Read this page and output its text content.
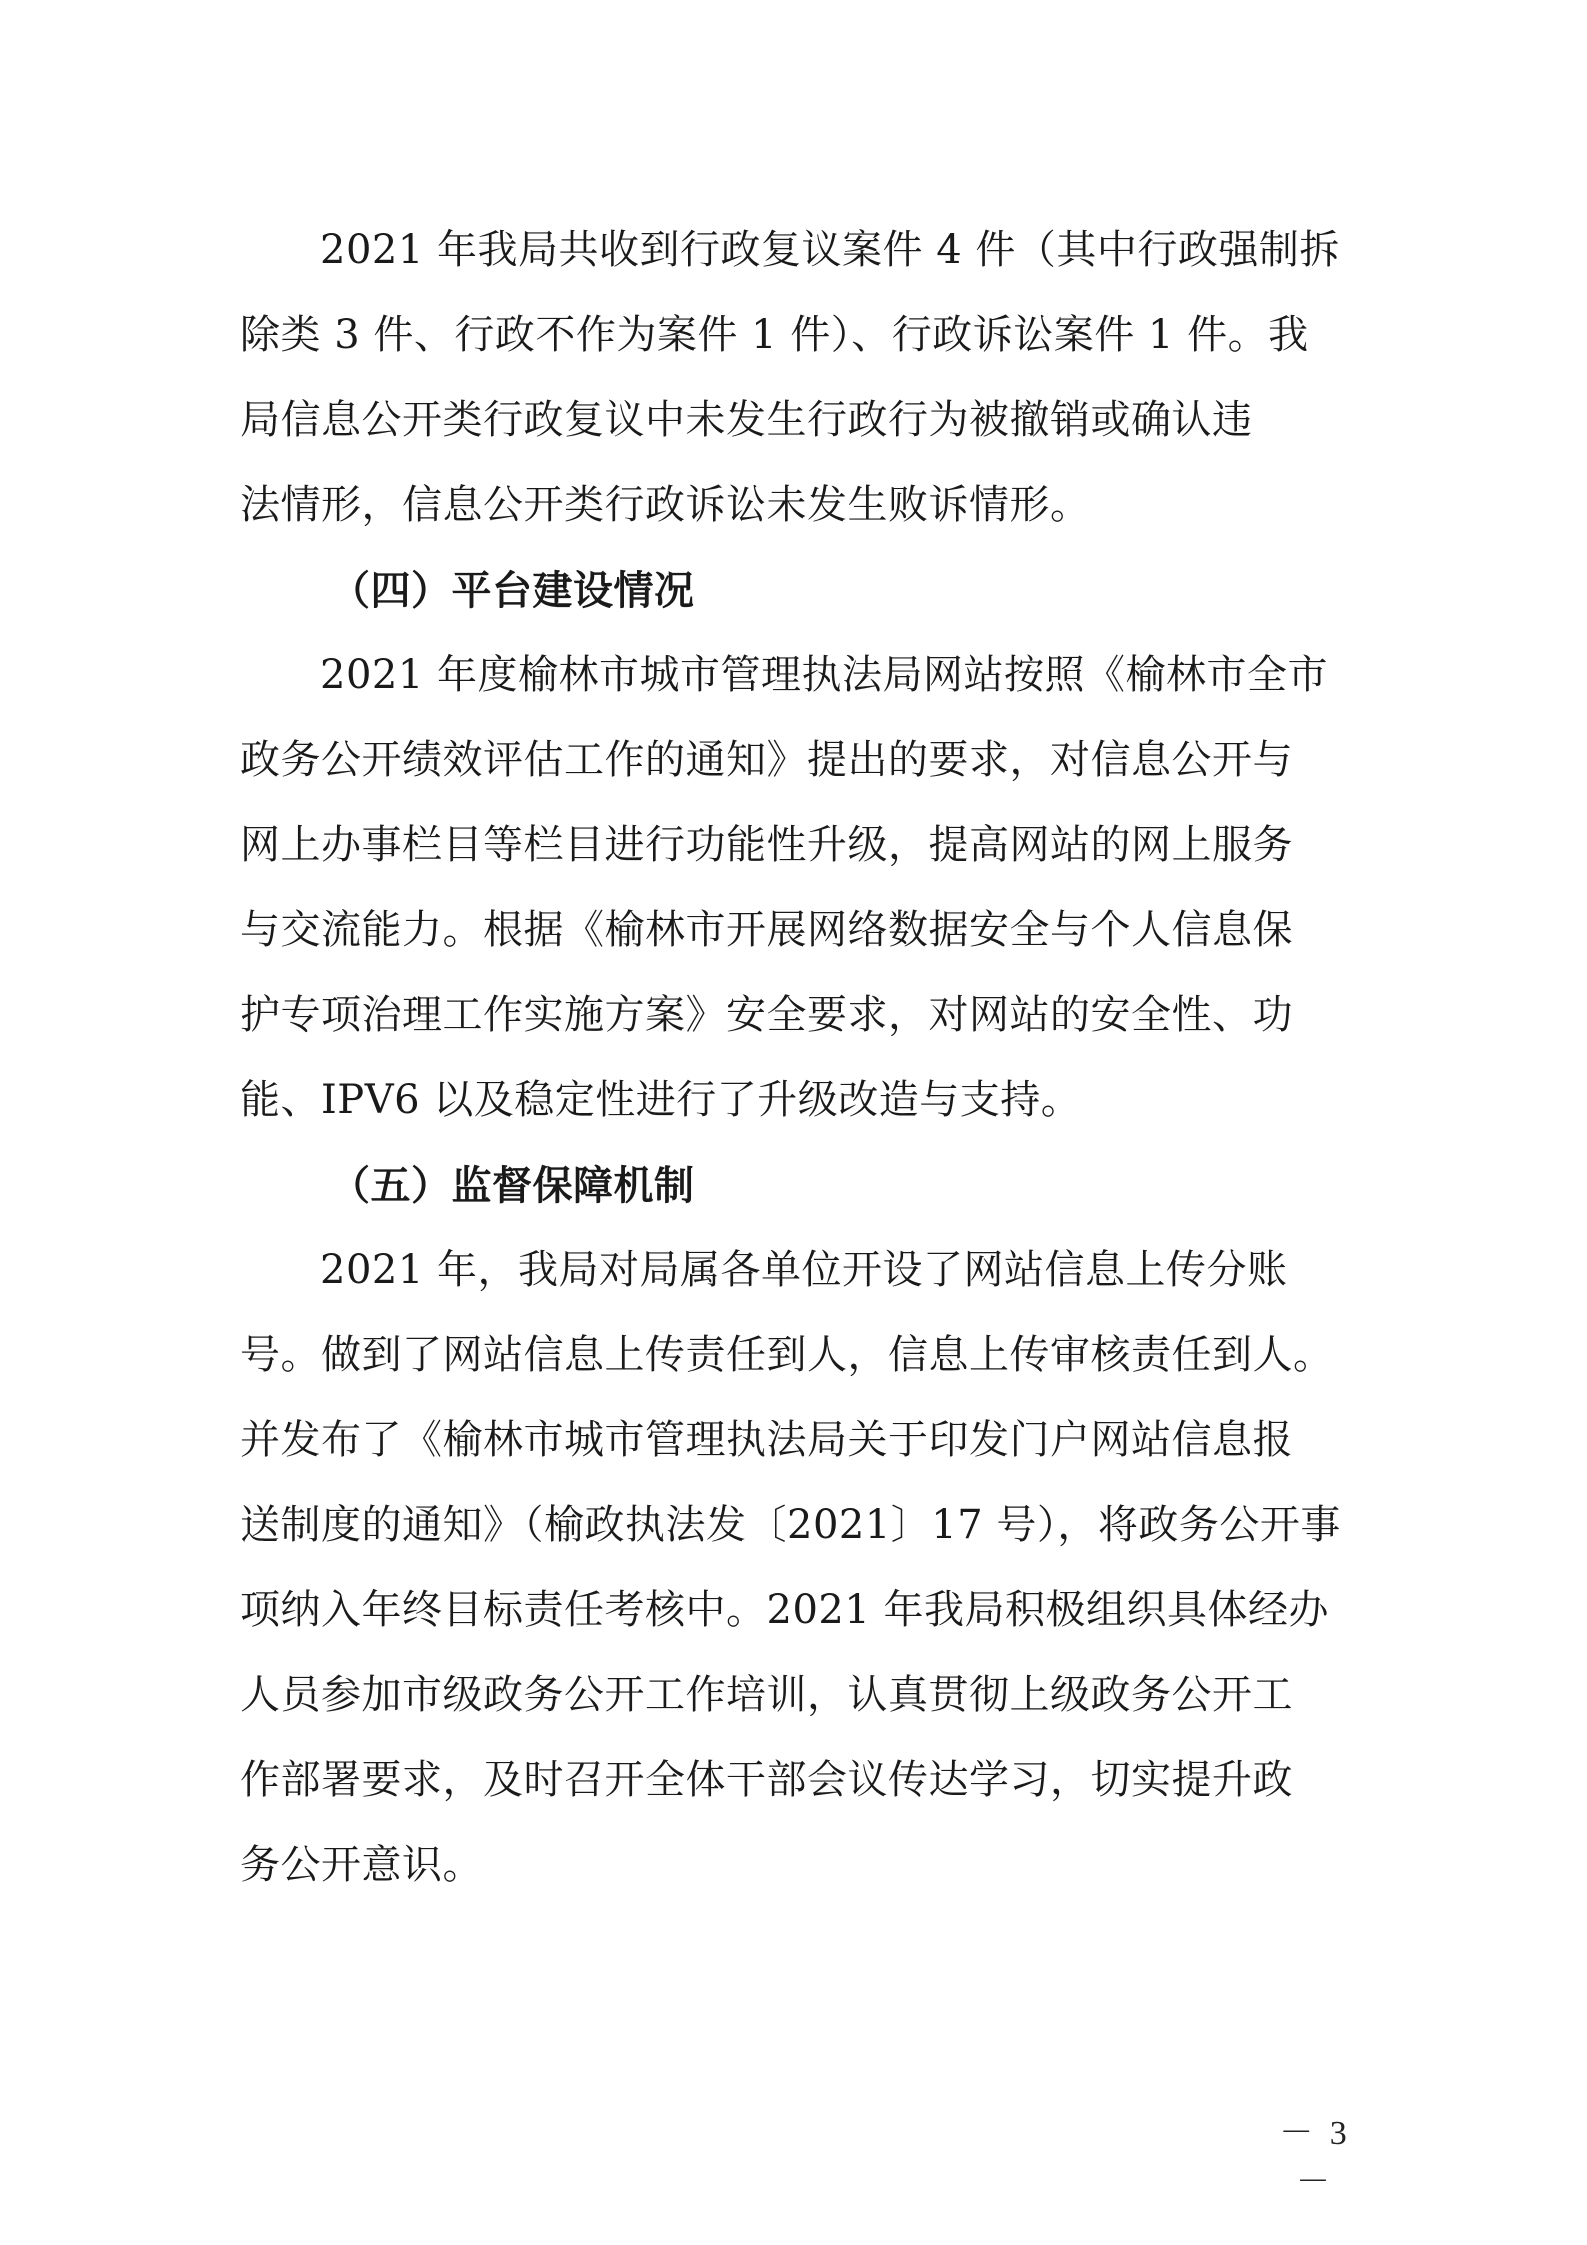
2021 年我局共收到行政复议案件 4 件（其中行政强制拆
除类 3 件、行政不作为案件 1 件）、行政诉讼案件 1 件。我
局信息公开类行政复议中未发生行政行为被撤销或确认违
法情形，信息公开类行政诉讼未发生败诉情形。
（四）平台建设情况
2021 年度榆林市城市管理执法局网站按照《榆林市全市
政务公开绩效评估工作的通知》提出的要求，对信息公开与
网上办事栏目等栏目进行功能性升级，提高网站的网上服务
与交流能力。根据《榆林市开展网络数据安全与个人信息保
护专项治理工作实施方案》安全要求，对网站的安全性、功
能、IPV6 以及稳定性进行了升级改造与支持。
（五）监督保障机制
2021 年，我局对局属各单位开设了网站信息上传分账
号。做到了网站信息上传责任到人，信息上传审核责任到人。
并发布了《榆林市城市管理执法局关于印发门户网站信息报
送制度的通知》（榆政执法发〔2021〕17 号），将政务公开事
项纳入年终目标责任考核中。2021 年我局积极组织具体经办
人员参加市级政务公开工作培训，认真贯彻上级政务公开工
作部署要求，及时召开全体干部会议传达学习，切实提升政
务公开意识。
－ 3 －
